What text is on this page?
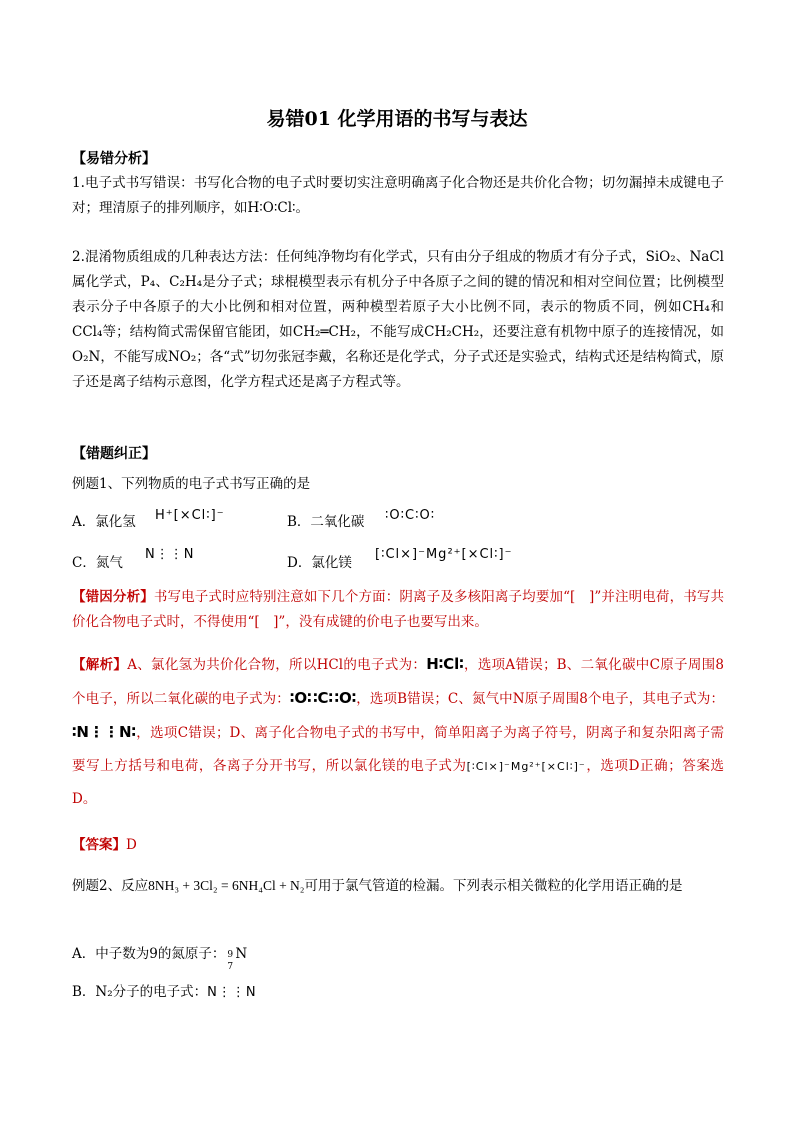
易错01 化学用语的书写与表达
【易错分析】
1.电子式书写错误：书写化合物的电子式时要切实注意明确离子化合物还是共价化合物；切勿漏掉未成键电子对；理清原子的排列顺序，如H∶O∶Cl∶。
2.混淆物质组成的几种表达方法：任何纯净物均有化学式，只有由分子组成的物质才有分子式，SiO₂、NaCl属化学式，P₄、C₂H₄是分子式；球棍模型表示有机分子中各原子之间的键的情况和相对空间位置；比例模型表示分子中各原子的大小比例和相对位置，两种模型若原子大小比例不同，表示的物质不同，例如CH₄和 CCl₄等；结构简式需保留官能团，如CH₂═CH₂，不能写成CH₂CH₂，还要注意有机物中原子的连接情况，如O₂N，不能写成NO₂；各“式”切勿张冠李戴，名称还是化学式，分子式还是实验式，结构式还是结构简式，原子还是离子结构示意图，化学方程式还是离子方程式等。
【错题纠正】
例题1、下列物质的电子式书写正确的是
A．氯化氢 H⁺[×Cl∶]⁻	B．二氧化碳 ∶O∶C∶O∶
C．氮气
N⋮⋮N
D．氯化镁
[∶Cl×]⁻Mg²⁺[×Cl∶]⁻
【错因分析】书写电子式时应特别注意如下几个方面：阴离子及多核阳离子均要加“[　]”并注明电荷，书写共价化合物电子式时，不得使用“[　]”，没有成键的价电子也要写出来。
【解析】A、氯化氢为共价化合物，所以HCl的电子式为：H∶Cl∶，选项A错误；B、二氧化碳中C原子周围8个电子，所以二氧化碳的电子式为：∶O∷C∷O∶，选项B错误；C、氮气中N原子周围8个电子，其电子式为：∶N⋮⋮N∶，选项C错误；D、离子化合物电子式的书写中，简单阳离子为离子符号，阴离子和复杂阳离子需要写上方括号和电荷，各离子分开书写，所以氯化镁的电子式为[∶Cl×]⁻Mg²⁺[×Cl∶]⁻，选项D正确；答案选D。
【答案】D
例题2、反应8NH₃ + 3Cl₂ = 6NH₄Cl + N₂可用于氯气管道的检漏。下列表示相关微粒的化学用语正确的是
A．中子数为9的氮原子： 9
7
N
B．N₂分子的电子式：N⋮⋮N
